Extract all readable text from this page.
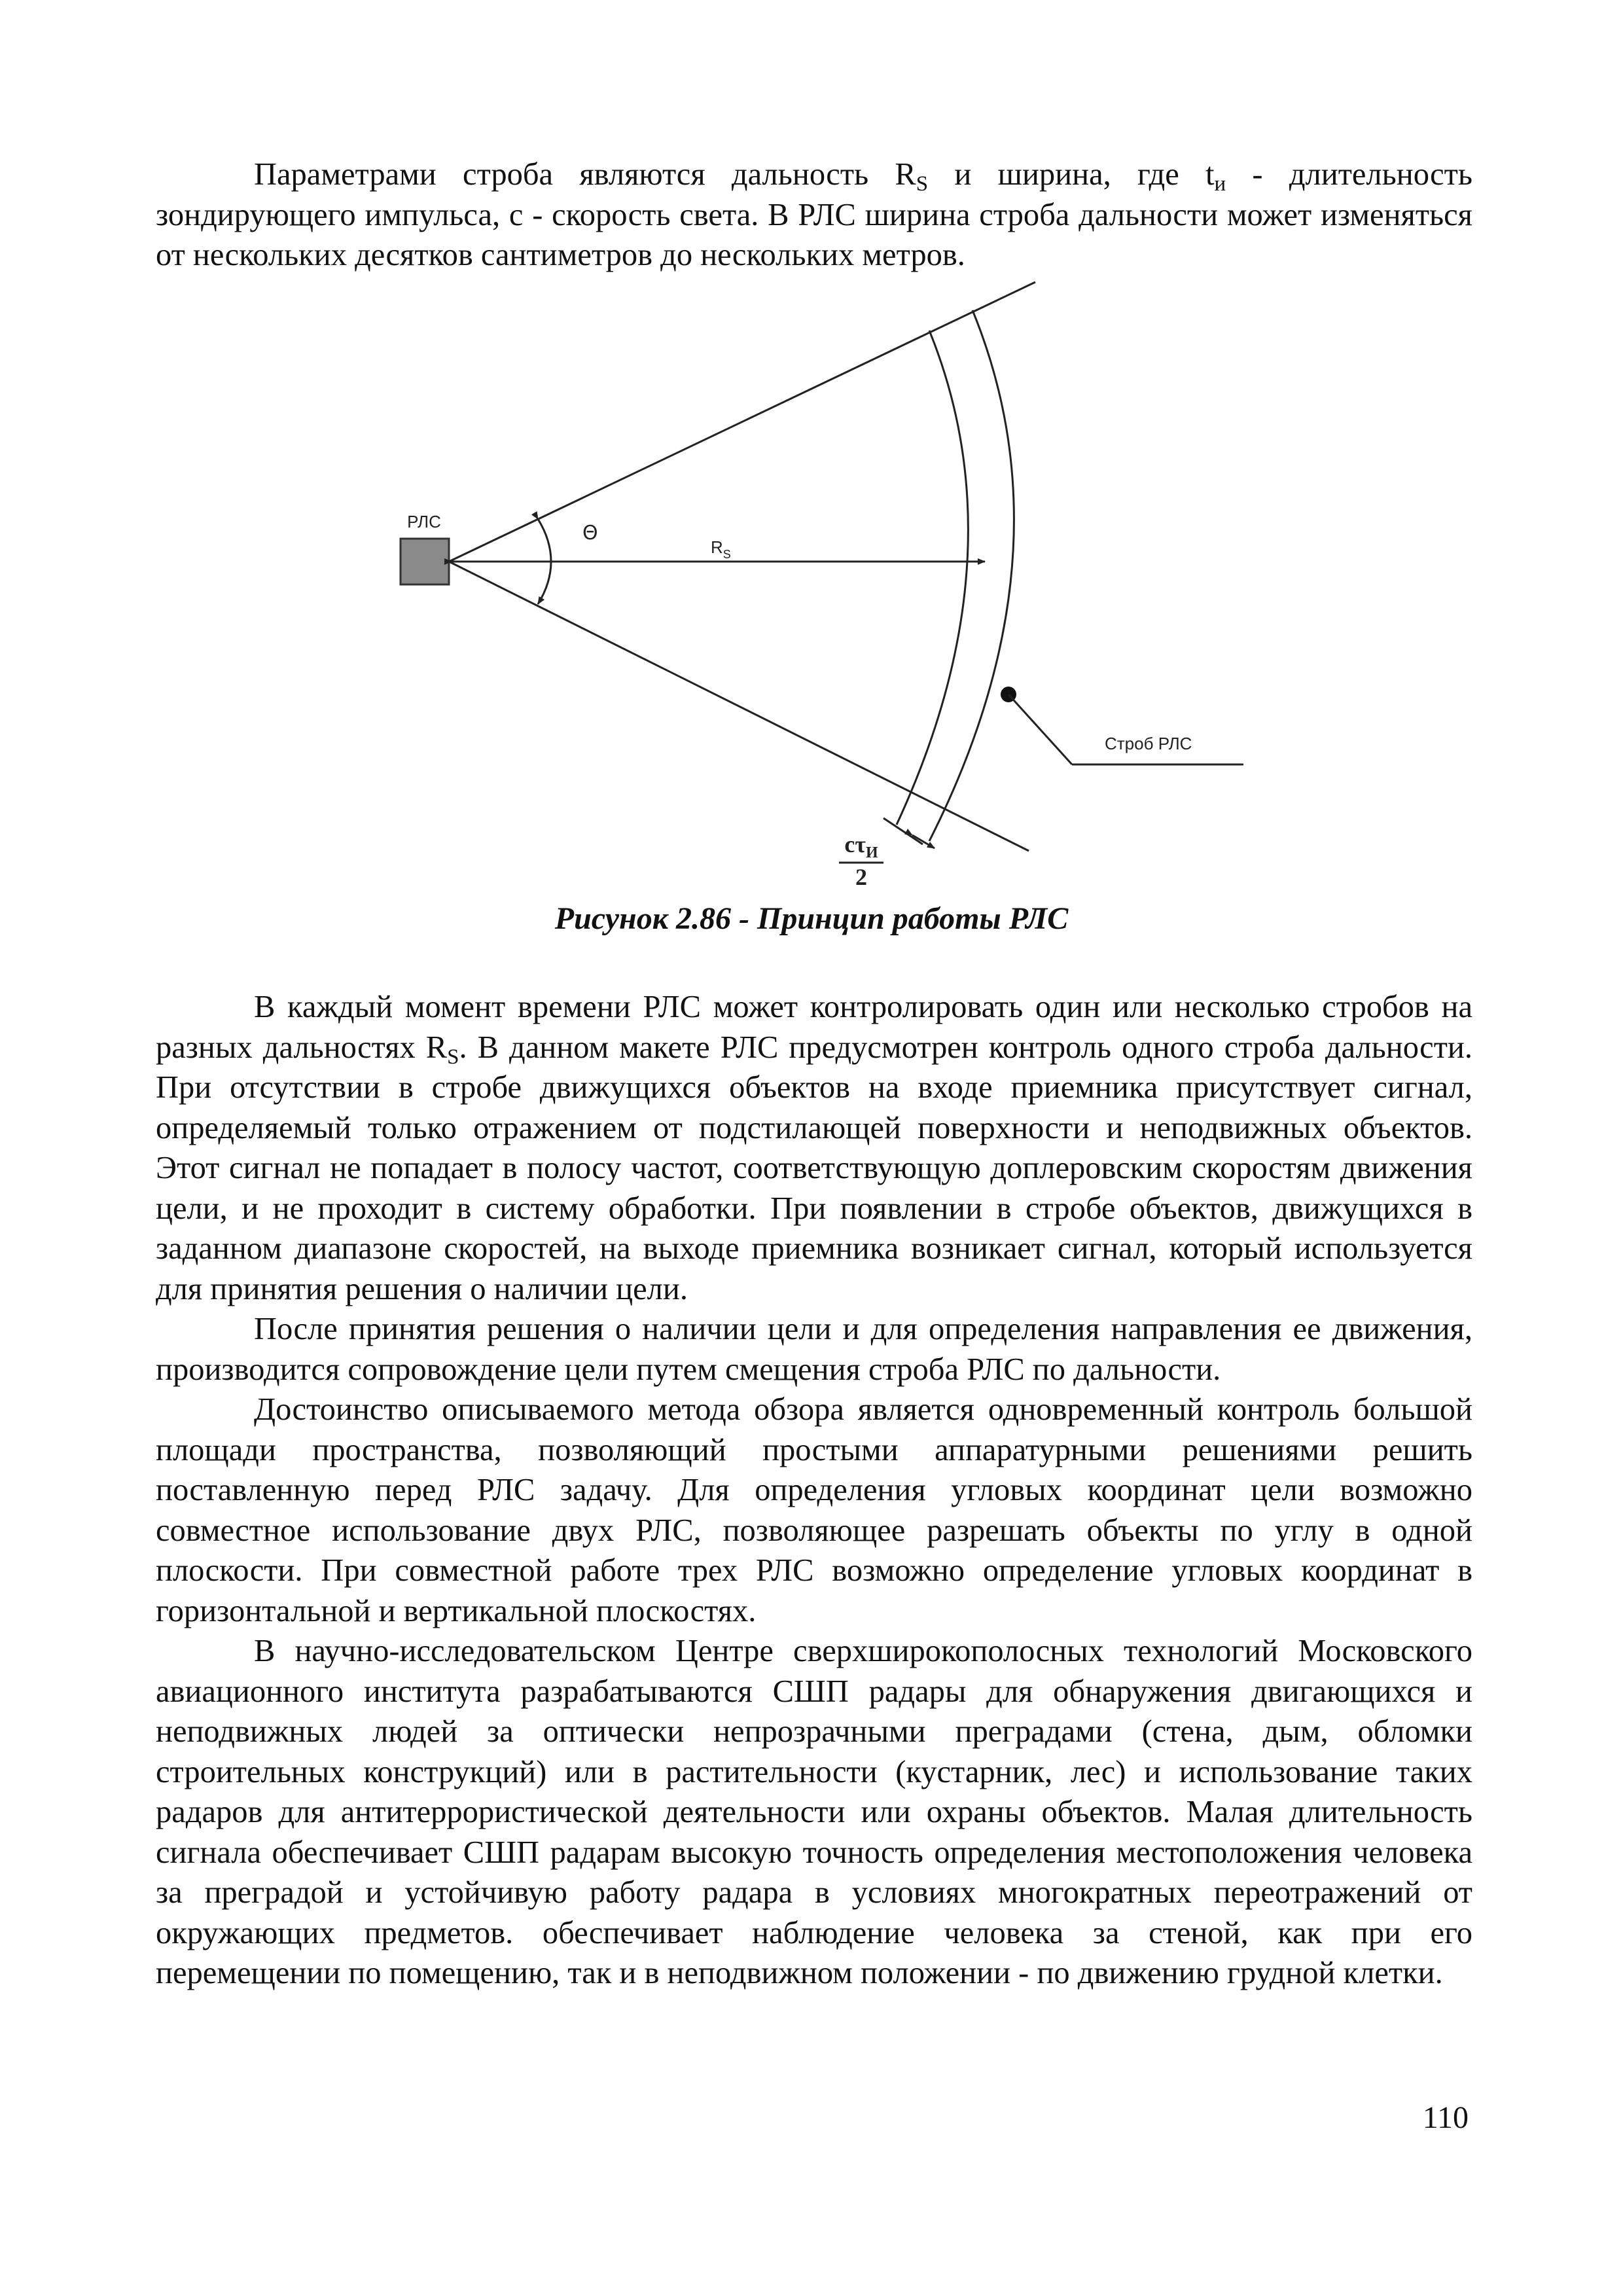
Параметрами строба являются дальность $R_S$ и ширина, где $t_и$ - длительность зондирующего импульса, с - скорость света. В РЛС ширина строба дальности может изменяться от нескольких десятков сантиметров до нескольких метров.

РЛС	Θ
$R_S$
Строб РЛС
$c\tau_И$
2
Рисунок 2.86 - Принцип работы РЛС

В каждый момент времени РЛС может контролировать один или несколько стробов на разных дальностях $R_S$. В данном макете РЛС предусмотрен контроль одного строба дальности. При отсутствии в стробе движущихся объектов на входе приемника присутствует сигнал, определяемый только отражением от подстилающей поверхности и неподвижных объектов. Этот сигнал не попадает в полосу частот, соответствующую доплеровским скоростям движения цели, и не проходит в систему обработки. При появлении в стробе объектов, движущихся в заданном диапазоне скоростей, на выходе приемника возникает сигнал, который используется для принятия решения о наличии цели.

После принятия решения о наличии цели и для определения направления ее движения, производится сопровождение цели путем смещения строба РЛС по дальности.

Достоинство описываемого метода обзора является одновременный контроль большой площади пространства, позволяющий простыми аппаратурными решениями решить поставленную перед РЛС задачу. Для определения угловых координат цели возможно совместное использование двух РЛС, позволяющее разрешать объекты по углу в одной плоскости. При совместной работе трех РЛС возможно определение угловых координат в горизонтальной и вертикальной плоскостях.

В научно-исследовательском Центре сверхширокополосных технологий Московского авиационного института разрабатываются СШП радары для обнаружения двигающихся и неподвижных людей за оптически непрозрачными преградами (стена, дым, обломки строительных конструкций) или в растительности (кустарник, лес) и использование таких радаров для антитеррористической деятельности или охраны объектов. Малая длительность сигнала обеспечивает СШП радарам высокую точность определения местоположения человека за преградой и устойчивую работу радара в условиях многократных переотражений от окружающих предметов. обеспечивает наблюдение человека за стеной, как при его перемещении по помещению, так и в неподвижном положении - по движению грудной клетки.

110
